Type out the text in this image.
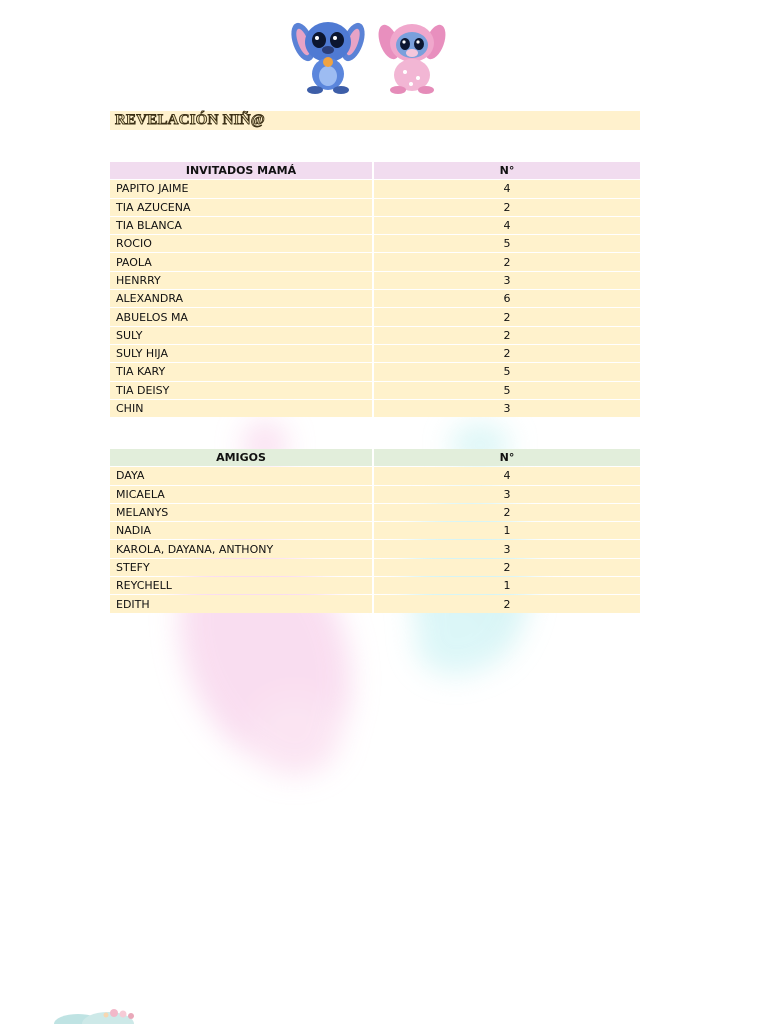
REVELACIÓN NIÑ@
INVITADOS MAMÁ	N°
PAPITO JAIME	4
TIA AZUCENA	2
TIA BLANCA	4
ROCIO	5
PAOLA	2
HENRRY	3
ALEXANDRA	6
ABUELOS MA	2
SULY	2
SULY HIJA	2
TIA KARY	5
TIA DEISY	5
CHIN	3
AMIGOS	N°
DAYA	4
MICAELA	3
MELANYS	2
NADIA	1
KAROLA, DAYANA, ANTHONY	3
STEFY	2
REYCHELL	1
EDITH	2
